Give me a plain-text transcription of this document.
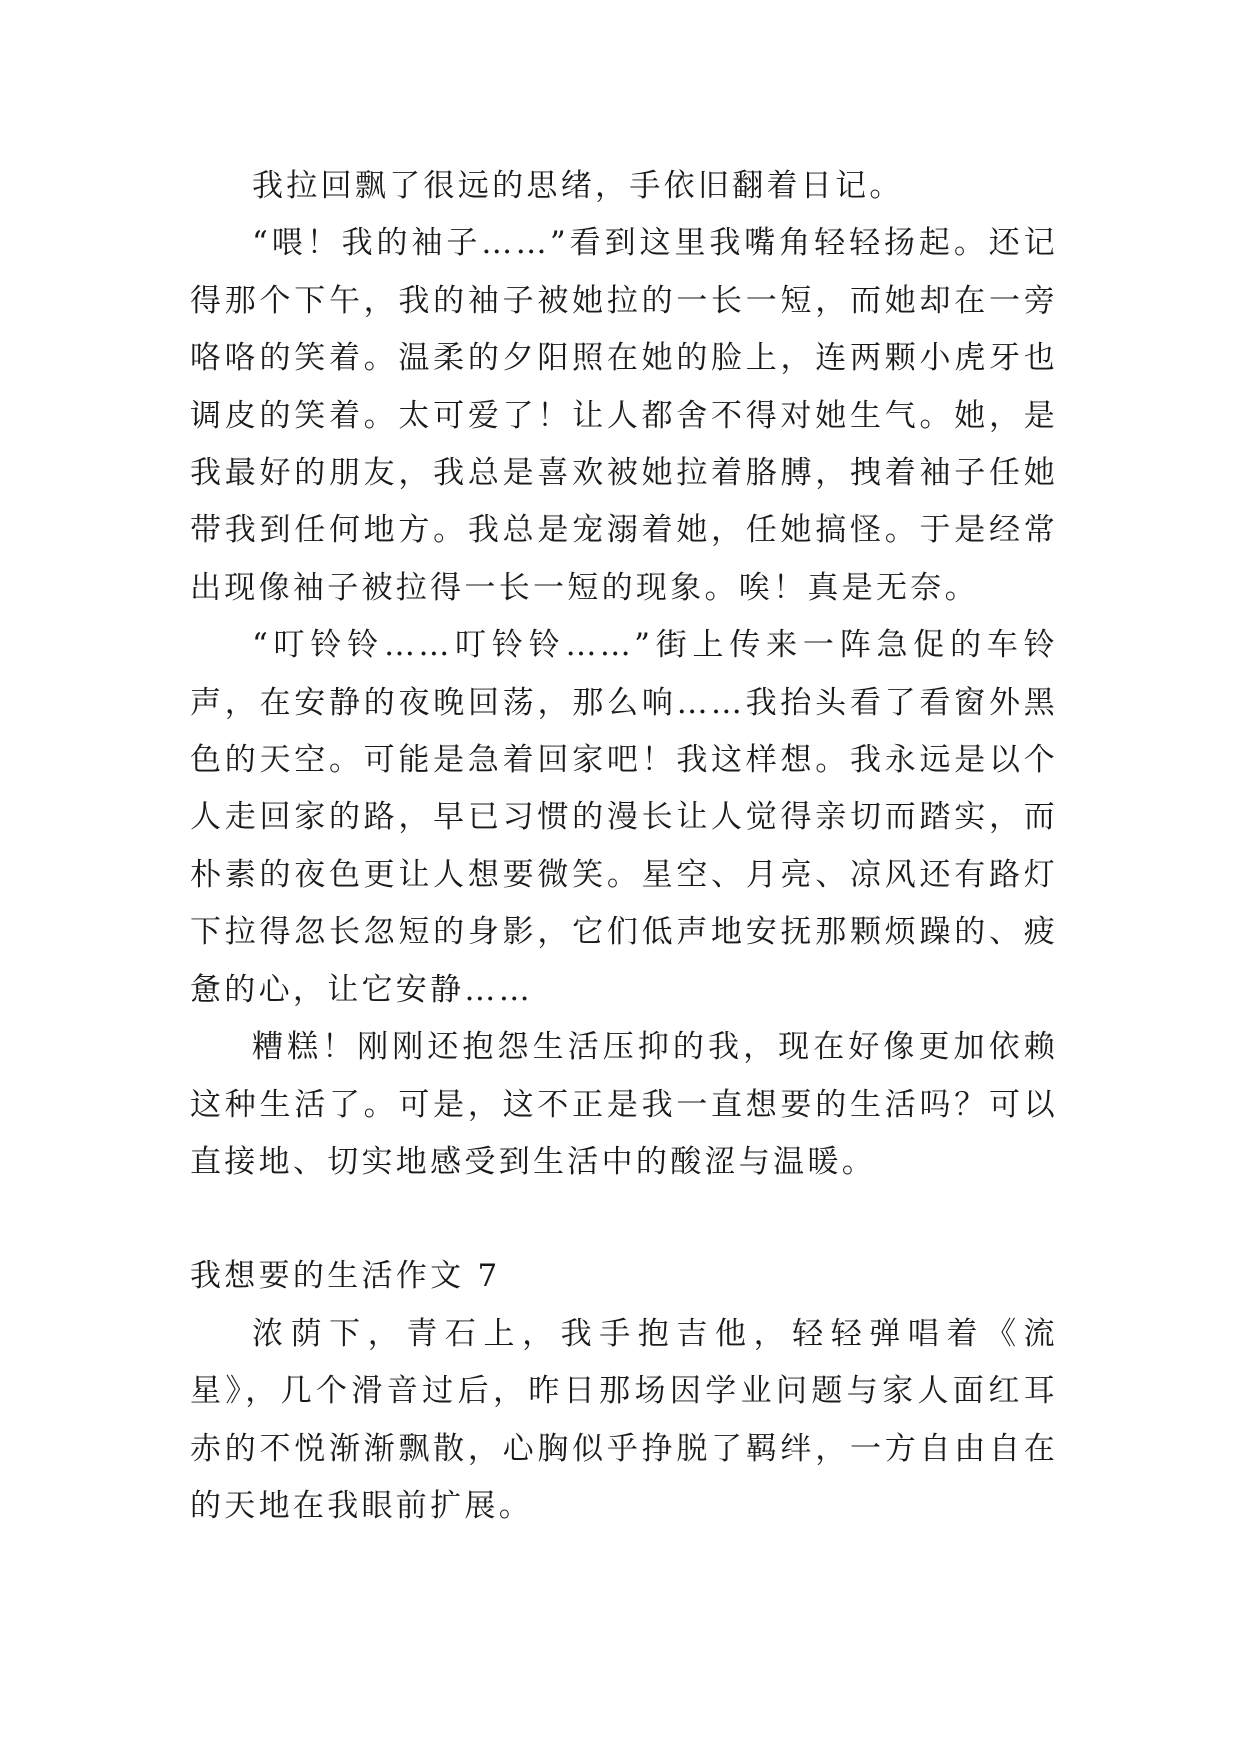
我拉回飘了很远的思绪，手依旧翻着日记。

“喂！我的袖子……”看到这里我嘴角轻轻扬起。还记得那个下午，我的袖子被她拉的一长一短，而她却在一旁咯咯的笑着。温柔的夕阳照在她的脸上，连两颗小虎牙也调皮的笑着。太可爱了！让人都舍不得对她生气。她，是我最好的朋友，我总是喜欢被她拉着胳膊，拽着袖子任她带我到任何地方。我总是宠溺着她，任她搞怪。于是经常出现像袖子被拉得一长一短的现象。唉！真是无奈。

“叮铃铃……叮铃铃……”街上传来一阵急促的车铃声，在安静的夜晚回荡，那么响……我抬头看了看窗外黑色的天空。可能是急着回家吧！我这样想。我永远是以个人走回家的路，早已习惯的漫长让人觉得亲切而踏实，而朴素的夜色更让人想要微笑。星空、月亮、凉风还有路灯下拉得忽长忽短的身影，它们低声地安抚那颗烦躁的、疲惫的心，让它安静……

糟糕！刚刚还抱怨生活压抑的我，现在好像更加依赖这种生活了。可是，这不正是我一直想要的生活吗？可以直接地、切实地感受到生活中的酸涩与温暖。

我想要的生活作文 7

浓荫下，青石上，我手抱吉他，轻轻弹唱着《流星》，几个滑音过后，昨日那场因学业问题与家人面红耳赤的不悦渐渐飘散，心胸似乎挣脱了羁绊，一方自由自在的天地在我眼前扩展。
